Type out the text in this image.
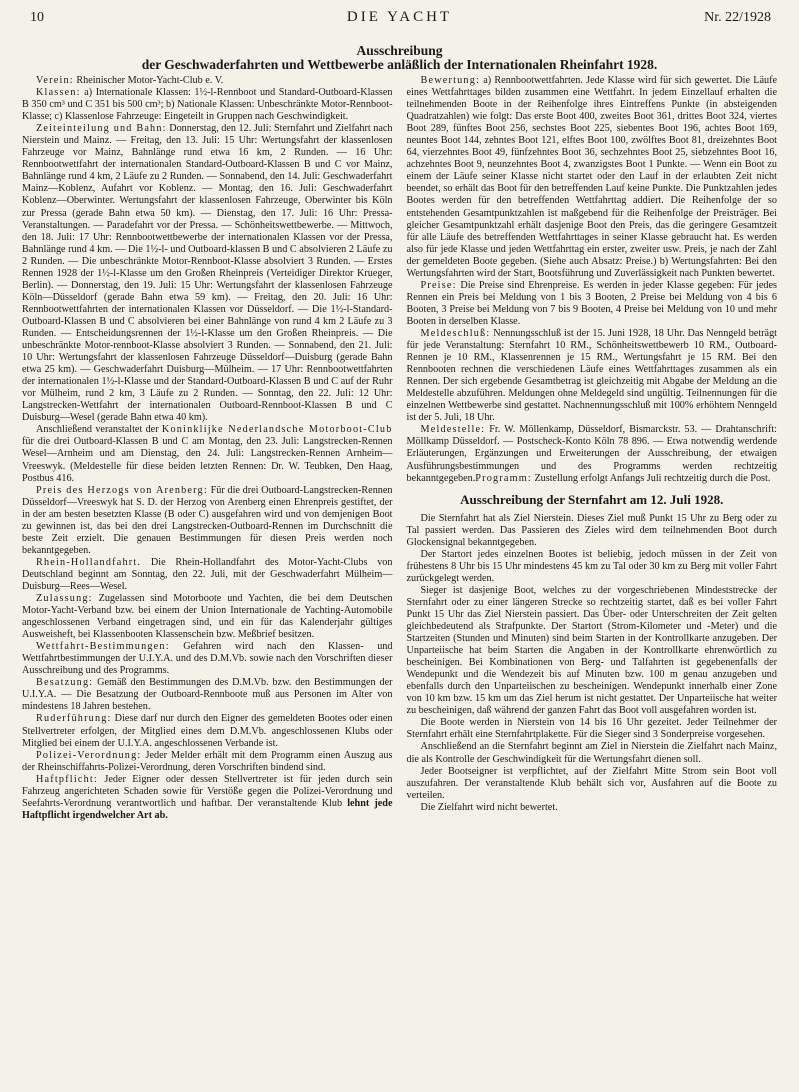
10	DIE YACHT	Nr. 22/1928
Ausschreibung
der Geschwaderfahrten und Wettbewerbe anläßlich der Internationalen Rheinfahrt 1928.

Verein: Rheinischer Motor-Yacht-Club e. V.

Klassen: a) Internationale Klassen: 1½-l-Rennboot und Standard-Outboard-Klassen B 350 cm³ und C 351 bis 500 cm³; b) Nationale Klassen: Unbeschränkte Motor-Rennboot-Klasse; c) Klassenlose Fahrzeuge: Eingeteilt in Gruppen nach Geschwindigkeit.

Zeiteinteilung und Bahn: Donnerstag, den 12. Juli: Sternfahrt und Zielfahrt nach Nierstein und Mainz. — Freitag, den 13. Juli: 15 Uhr: Wertungsfahrt der klassenlosen Fahrzeuge vor Mainz, Bahnlänge rund etwa 16 km, 2 Runden. — 16 Uhr: Rennbootwettfahrt der internationalen Standard-Outboard-Klassen B und C vor Mainz, Bahnlänge rund 4 km, 2 Läufe zu 2 Runden. — Sonnabend, den 14. Juli: Geschwaderfahrt Mainz—Koblenz, Aufahrt vor Koblenz. — Montag, den 16. Juli: Geschwaderfahrt Koblenz—Oberwinter. Wertungsfahrt der klassenlosen Fahrzeuge, Oberwinter bis Köln zur Pressa (gerade Bahn etwa 50 km). — Dienstag, den 17. Juli: 16 Uhr: Pressa-Veranstaltungen. — Paradefahrt vor der Pressa. — Schönheitswettbewerbe. — Mittwoch, den 18. Juli: 17 Uhr: Rennbootwettbewerbe der internationalen Klassen vor der Pressa, Bahnlänge rund 4 km. — Die 1½-l- und Outboard-klassen B und C absolvieren 2 Läufe zu 2 Runden. — Die unbeschränkte Motor-Rennboot-Klasse absolviert 3 Runden. — Erstes Rennen 1928 der 1½-l-Klasse um den Großen Rheinpreis (Verteidiger Direktor Krueger, Berlin). — Donnerstag, den 19. Juli: 15 Uhr: Wertungsfahrt der klassenlosen Fahrzeuge Köln—Düsseldorf (gerade Bahn etwa 59 km). — Freitag, den 20. Juli: 16 Uhr: Rennbootwettfahrten der internationalen Klassen vor Düsseldorf. — Die 1½-l-Standard-Outboard-Klassen B und C absolvieren bei einer Bahnlänge von rund 4 km 2 Läufe zu 3 Runden. — Entscheidungsrennen der 1½-l-Klasse um den Großen Rheinpreis. — Die unbeschränkte Motor-rennboot-Klasse absolviert 3 Runden. — Sonnabend, den 21. Juli: 10 Uhr: Wertungsfahrt der klassenlosen Fahrzeuge Düsseldorf—Duisburg (gerade Bahn etwa 25 km). — Geschwaderfahrt Duisburg—Mülheim. — 17 Uhr: Rennbootwettfahrten der internationalen 1½-l-Klasse und der Standard-Outboard-Klassen B und C auf der Ruhr vor Mülheim, rund 2 km, 3 Läufe zu 2 Runden. — Sonntag, den 22. Juli: 12 Uhr: Langstrecken-Wettfahrt der internationalen Outboard-Rennboot-Klassen B und C Duisburg—Wesel (gerade Bahn etwa 40 km).

Anschließend veranstaltet der Koninklijke Nederlandsche Motorboot-Club für die drei Outboard-Klassen B und C am Montag, den 23. Juli: Langstrecken-Rennen Wesel—Arnheim und am Dienstag, den 24. Juli: Langstrecken-Rennen Arnheim—Vreeswyk. (Meldestelle für diese beiden letzten Rennen: Dr. W. Teubken, Den Haag, Postbus 416.

Preis des Herzogs von Arenberg: Für die drei Outboard-Langstrecken-Rennen Düsseldorf—Vreeswyk hat S. D. der Herzog von Arenberg einen Ehrenpreis gestiftet, der in der am besten besetzten Klasse (B oder C) ausgefahren wird und von demjenigen Boot zu gewinnen ist, das bei den drei Langstrecken-Outboard-Rennen im Durchschnitt die beste Zeit erzielt. Die genauen Bestimmungen für diesen Preis werden noch bekanntgegeben.

Rhein-Hollandfahrt. Die Rhein-Hollandfahrt des Motor-Yacht-Clubs von Deutschland beginnt am Sonntag, den 22. Juli, mit der Geschwaderfahrt Mülheim—Duisburg—Rees—Wesel.

Zulassung: Zugelassen sind Motorboote und Yachten, die bei dem Deutschen Motor-Yacht-Verband bzw. bei einem der Union Internationale de Yachting-Automobile angeschlossenen Verband eingetragen sind, und ein für das Kalenderjahr gültiges Ausweisheft, bei Klassenbooten Klassenschein bzw. Meßbrief besitzen.

Wettfahrt-Bestimmungen: Gefahren wird nach den Klassen- und Wettfahrtbestimmungen der U.I.Y.A. und des D.M.Vb. sowie nach den Vorschriften dieser Ausschreibung und des Programms.

Besatzung: Gemäß den Bestimmungen des D.M.Vb. bzw. den Bestimmungen der U.I.Y.A. — Die Besatzung der Outboard-Rennboote muß aus Personen im Alter von mindestens 18 Jahren bestehen.

Ruderführung: Diese darf nur durch den Eigner des gemeldeten Bootes oder einen Stellvertreter erfolgen, der Mitglied eines dem D.M.Vb. angeschlossenen Klubs oder Mitglied bei einem der U.I.Y.A. angeschlossenen Verbande ist.

Polizei-Verordnung: Jeder Melder erhält mit dem Programm einen Auszug aus der Rheinschiffahrts-Polizei-Verordnung, deren Vorschriften bindend sind.

Haftpflicht: Jeder Eigner oder dessen Stellvertreter ist für jeden durch sein Fahrzeug angerichteten Schaden sowie für Verstöße gegen die Polizei-Verordnung und Seefahrts-Verordnung verantwortlich und haftbar. Der veranstaltende Klub lehnt jede Haftpflicht irgendwelcher Art ab.

Bewertung: a) Rennbootwettfahrten. Jede Klasse wird für sich gewertet. Die Läufe eines Wettfahrttages bilden zusammen eine Wettfahrt. In jedem Einzellauf erhalten die teilnehmenden Boote in der Reihenfolge ihres Eintreffens Punkte (in absteigenden Quadratzahlen) wie folgt: Das erste Boot 400, zweites Boot 361, drittes Boot 324, viertes Boot 289, fünftes Boot 256, sechstes Boot 225, siebentes Boot 196, achtes Boot 169, neuntes Boot 144, zehntes Boot 121, elftes Boot 100, zwölftes Boot 81, dreizehntes Boot 64, vierzehntes Boot 49, fünfzehntes Boot 36, sechzehntes Boot 25, siebzehntes Boot 16, achzehntes Boot 9, neunzehntes Boot 4, zwanzigstes Boot 1 Punkte. — Wenn ein Boot zu einem der Läufe seiner Klasse nicht startet oder den Lauf in der erlaubten Zeit nicht beendet, so erhält das Boot für den betreffenden Lauf keine Punkte. Die Punktzahlen jedes Bootes werden für den betreffenden Wettfahrttag addiert. Die Reihenfolge der so entstehenden Gesamtpunktzahlen ist maßgebend für die Reihenfolge der Preisträger. Bei gleicher Gesamtpunktzahl erhält dasjenige Boot den Preis, das die geringere Gesamtzeit für alle Läufe des betreffenden Wettfahrttages in seiner Klasse gebraucht hat. Es werden also für jede Klasse und jeden Wettfahrttag ein erster, zweiter usw. Preis, je nach der Zahl der gemeldeten Boote gegeben. (Siehe auch Absatz: Preise.) b) Wertungsfahrten: Bei den Wertungsfahrten wird der Start, Bootsführung und Zuverlässigkeit nach Punkten bewertet.

Preise: Die Preise sind Ehrenpreise. Es werden in jeder Klasse gegeben: Für jedes Rennen ein Preis bei Meldung von 1 bis 3 Booten, 2 Preise bei Meldung von 4 bis 6 Booten, 3 Preise bei Meldung von 7 bis 9 Booten, 4 Preise bei Meldung von 10 und mehr Booten in derselben Klasse.

Meldeschluß: Nennungsschluß ist der 15. Juni 1928, 18 Uhr. Das Nenngeld beträgt für jede Veranstaltung: Sternfahrt 10 RM., Schönheitswettbewerb 10 RM., Outboard-Rennen je 10 RM., Klassenrennen je 15 RM., Wertungsfahrt je 15 RM. Bei den Rennbooten rechnen die verschiedenen Läufe eines Wettfahrttages zusammen als ein Rennen. Der sich ergebende Gesamtbetrag ist gleichzeitig mit Abgabe der Meldung an die Meldestelle abzuführen. Meldungen ohne Meldegeld sind ungültig. Teilnennungen für die einzelnen Wettbewerbe sind gestattet. Nachnennungsschluß mit 100% erhöhtem Nenngeld ist der 5. Juli, 18 Uhr.

Meldestelle: Fr. W. Möllenkamp, Düsseldorf, Bismarckstr. 53. — Drahtanschrift: Möllkamp Düsseldorf. — Postscheck-Konto Köln 78 896. — Etwa notwendig werdende Erläuterungen, Ergänzungen und Erweiterungen der Ausschreibung, der etwaigen Ausführungsbestimmungen und des Programms werden rechtzeitig bekanntgegeben.Programm: Zustellung erfolgt Anfangs Juli rechtzeitig durch die Post.

Ausschreibung der Sternfahrt am 12. Juli 1928.

Die Sternfahrt hat als Ziel Nierstein. Dieses Ziel muß Punkt 15 Uhr zu Berg oder zu Tal passiert werden. Das Passieren des Zieles wird dem teilnehmenden Boot durch Glockensignal bekanntgegeben.

Der Startort jedes einzelnen Bootes ist beliebig, jedoch müssen in der Zeit von frühestens 8 Uhr bis 15 Uhr mindestens 45 km zu Tal oder 30 km zu Berg mit voller Fahrt zurückgelegt werden.

Sieger ist dasjenige Boot, welches zu der vorgeschriebenen Mindeststrecke der Sternfahrt oder zu einer längeren Strecke so rechtzeitig startet, daß es bei voller Fahrt Punkt 15 Uhr das Ziel Nierstein passiert. Das Über- oder Unterschreiten der Zeit gelten gleichbedeutend als Strafpunkte. Der Startort (Strom-Kilometer und -Meter) und die Startzeiten (Stunden und Minuten) sind beim Starten in der Kontrollkarte anzugeben. Der Unparteiische hat beim Starten die Angaben in der Kontrollkarte ehrenwörtlich zu bescheinigen. Bei Kombinationen von Berg- und Talfahrten ist gegebenenfalls der Wendepunkt und die Wendezeit bis auf Minuten bzw. 100 m genau anzugeben und ebenfalls durch den Unparteiischen zu bescheinigen. Wendepunkt innerhalb einer Zone von 10 km bzw. 15 km um das Ziel herum ist nicht gestattet. Der Unparteiische hat weiter zu bescheinigen, daß während der ganzen Fahrt das Boot voll ausgefahren worden ist.

Die Boote werden in Nierstein von 14 bis 16 Uhr gezeitet. Jeder Teilnehmer der Sternfahrt erhält eine Sternfahrtplakette. Für die Sieger sind 3 Sonderpreise vorgesehen.

Anschließend an die Sternfahrt beginnt am Ziel in Nierstein die Zielfahrt nach Mainz, die als Kontrolle der Geschwindigkeit für die Wertungsfahrt dienen soll.

Jeder Bootseigner ist verpflichtet, auf der Zielfahrt Mitte Strom sein Boot voll auszufahren. Der veranstaltende Klub behält sich vor, Ausfahren auf die Boote zu verteilen.

Die Zielfahrt wird nicht bewertet.
